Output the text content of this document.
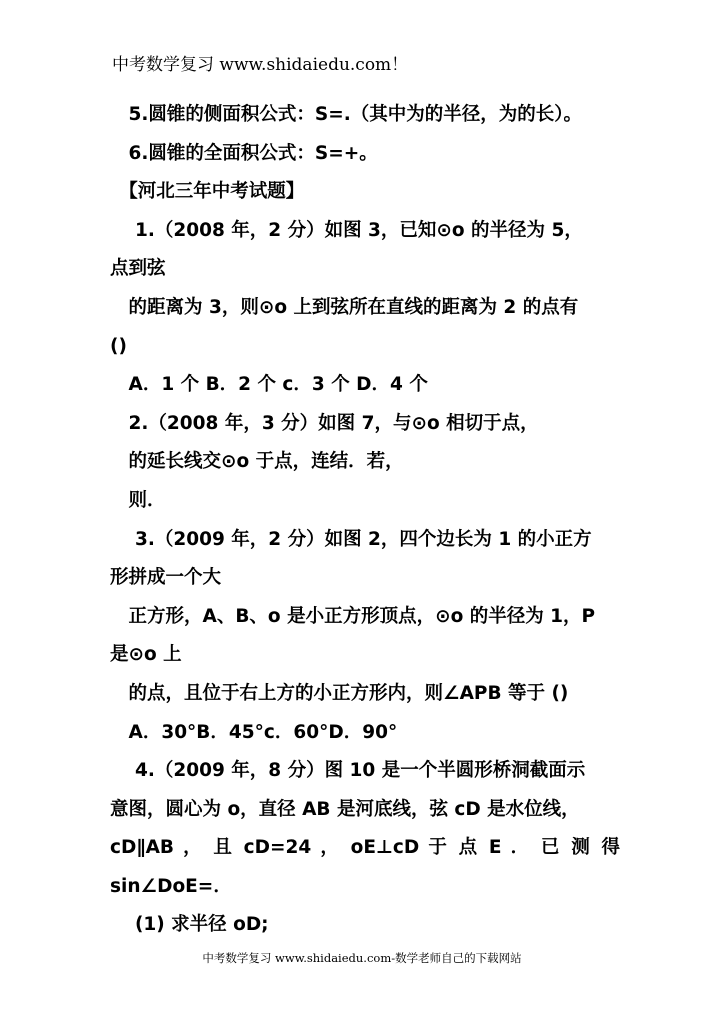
中考数学复习 www.shidaiedu.com！
　5.圆锥的侧面积公式：S=.（其中为的半径，为的长）。
　6.圆锥的全面积公式：S=+。
　【河北三年中考试题】
　 1.（2008 年，2 分）如图 3，已知⊙o 的半径为 5，
点到弦
　的距离为 3，则⊙o 上到弦所在直线的距离为 2 的点有
()
　A．1 个 B．2 个 c．3 个 D．4 个
　2.（2008 年，3 分）如图 7，与⊙o 相切于点，
　的延长线交⊙o 于点，连结．若，
　则．
　 3.（2009 年，2 分）如图 2，四个边长为 1 的小正方
形拼成一个大
　正方形，A、B、o 是小正方形顶点，⊙o 的半径为 1，P
是⊙o 上
　的点，且位于右上方的小正方形内，则∠APB 等于 ()
　A．30°B．45°c．60°D．90°
　 4.（2009 年，8 分）图 10 是一个半圆形桥洞截面示
意图，圆心为 o，直径 AB 是河底线，弦 cD 是水位线，
cD∥AB ， 且 cD=24 ， oE⊥cD 于 点 E ． 已 测 得
sin∠DoE=．
　 (1) 求半径 oD;
中考数学复习 www.shidaiedu.com-数学老师自己的下载网站
